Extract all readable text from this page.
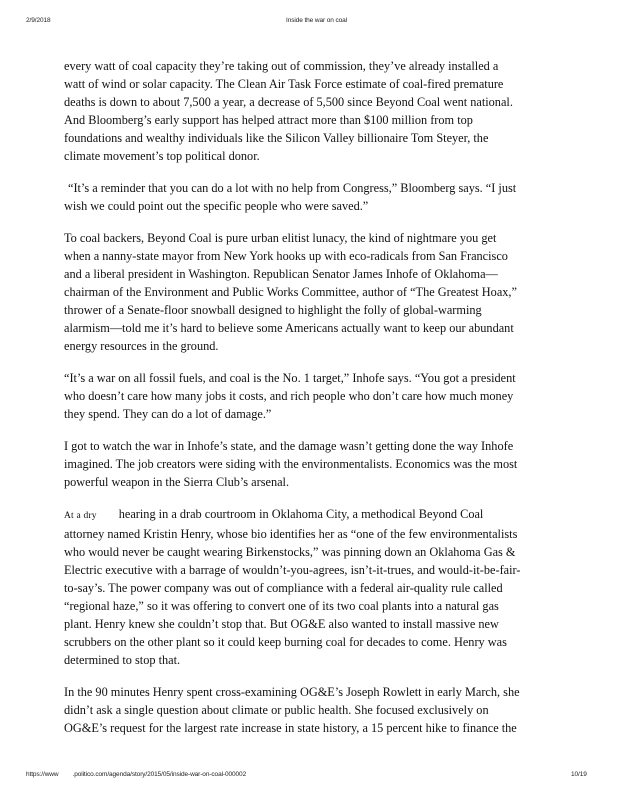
2/9/2018	Inside the war on coal

every watt of coal capacity they’re taking out of commission, they’ve already installed a watt of wind or solar capacity. The Clean Air Task Force estimate of coal-fired premature deaths is down to about 7,500 a year, a decrease of 5,500 since Beyond Coal went national. And Bloomberg’s early support has helped attract more than $100 million from top foundations and wealthy individuals like the Silicon Valley billionaire Tom Steyer, the climate movement’s top political donor.

“It’s a reminder that you can do a lot with no help from Congress,” Bloomberg says. “I just wish we could point out the specific people who were saved.”

To coal backers, Beyond Coal is pure urban elitist lunacy, the kind of nightmare you get when a nanny-state mayor from New York hooks up with eco-radicals from San Francisco and a liberal president in Washington. Republican Senator James Inhofe of Oklahoma—chairman of the Environment and Public Works Committee, author of “The Greatest Hoax,” thrower of a Senate-floor snowball designed to highlight the folly of global-warming alarmism—told me it’s hard to believe some Americans actually want to keep our abundant energy resources in the ground.

“It’s a war on all fossil fuels, and coal is the No. 1 target,” Inhofe says. “You got a president who doesn’t care how many jobs it costs, and rich people who don’t care how much money they spend. They can do a lot of damage.”

I got to watch the war in Inhofe’s state, and the damage wasn’t getting done the way Inhofe imagined. The job creators were siding with the environmentalists. Economics was the most powerful weapon in the Sierra Club’s arsenal.

At a dry hearing in a drab courtroom in Oklahoma City, a methodical Beyond Coal attorney named Kristin Henry, whose bio identifies her as “one of the few environmentalists who would never be caught wearing Birkenstocks,” was pinning down an Oklahoma Gas & Electric executive with a barrage of wouldn’t-you-agrees, isn’t-it-trues, and would-it-be-fair-to-say’s. The power company was out of compliance with a federal air-quality rule called “regional haze,” so it was offering to convert one of its two coal plants into a natural gas plant. Henry knew she couldn’t stop that. But OG&E also wanted to install massive new scrubbers on the other plant so it could keep burning coal for decades to come. Henry was determined to stop that.

In the 90 minutes Henry spent cross-examining OG&E’s Joseph Rowlett in early March, she didn’t ask a single question about climate or public health. She focused exclusively on OG&E’s request for the largest rate increase in state history, a 15 percent hike to finance the

https://www .politico.com/agenda/story/2015/05/inside-war-on-coal-000002	10/19
